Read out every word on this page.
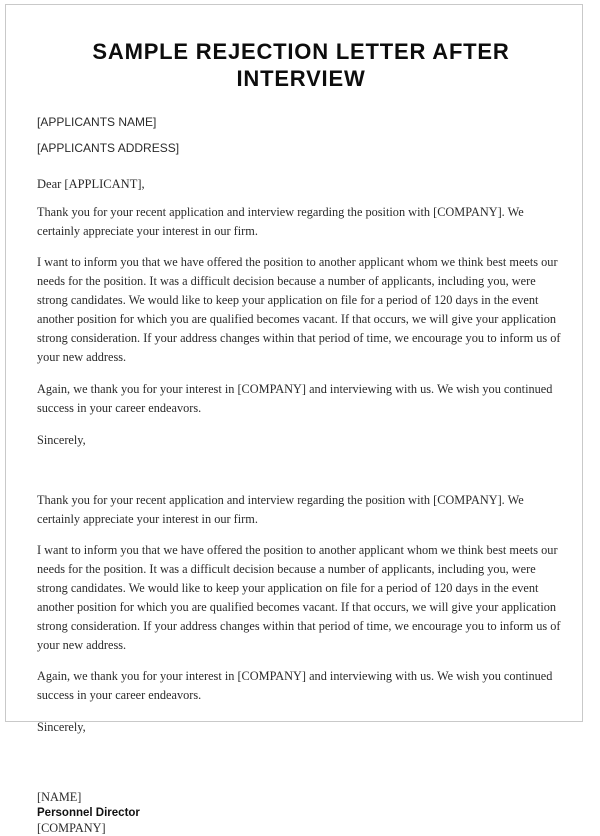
SAMPLE REJECTION LETTER AFTER INTERVIEW
[APPLICANTS NAME]
[APPLICANTS ADDRESS]
Dear [APPLICANT],

Thank you for your recent application and interview regarding the position with [COMPANY]. We certainly appreciate your interest in our firm.

I want to inform you that we have offered the position to another applicant whom we think best meets our needs for the position. It was a difficult decision because a number of applicants, including you, were strong candidates. We would like to keep your application on file for a period of 120 days in the event another position for which you are qualified becomes vacant. If that occurs, we will give your application strong consideration. If your address changes within that period of time, we encourage you to inform us of your new address.

Again, we thank you for your interest in [COMPANY] and interviewing with us. We wish you continued success in your career endeavors.

Sincerely,

Thank you for your recent application and interview regarding the position with [COMPANY]. We certainly appreciate your interest in our firm.

I want to inform you that we have offered the position to another applicant whom we think best meets our needs for the position. It was a difficult decision because a number of applicants, including you, were strong candidates. We would like to keep your application on file for a period of 120 days in the event another position for which you are qualified becomes vacant. If that occurs, we will give your application strong consideration. If your address changes within that period of time, we encourage you to inform us of your new address.

Again, we thank you for your interest in [COMPANY] and interviewing with us. We wish you continued success in your career endeavors.

Sincerely,
[NAME]
Personnel Director
[COMPANY]
